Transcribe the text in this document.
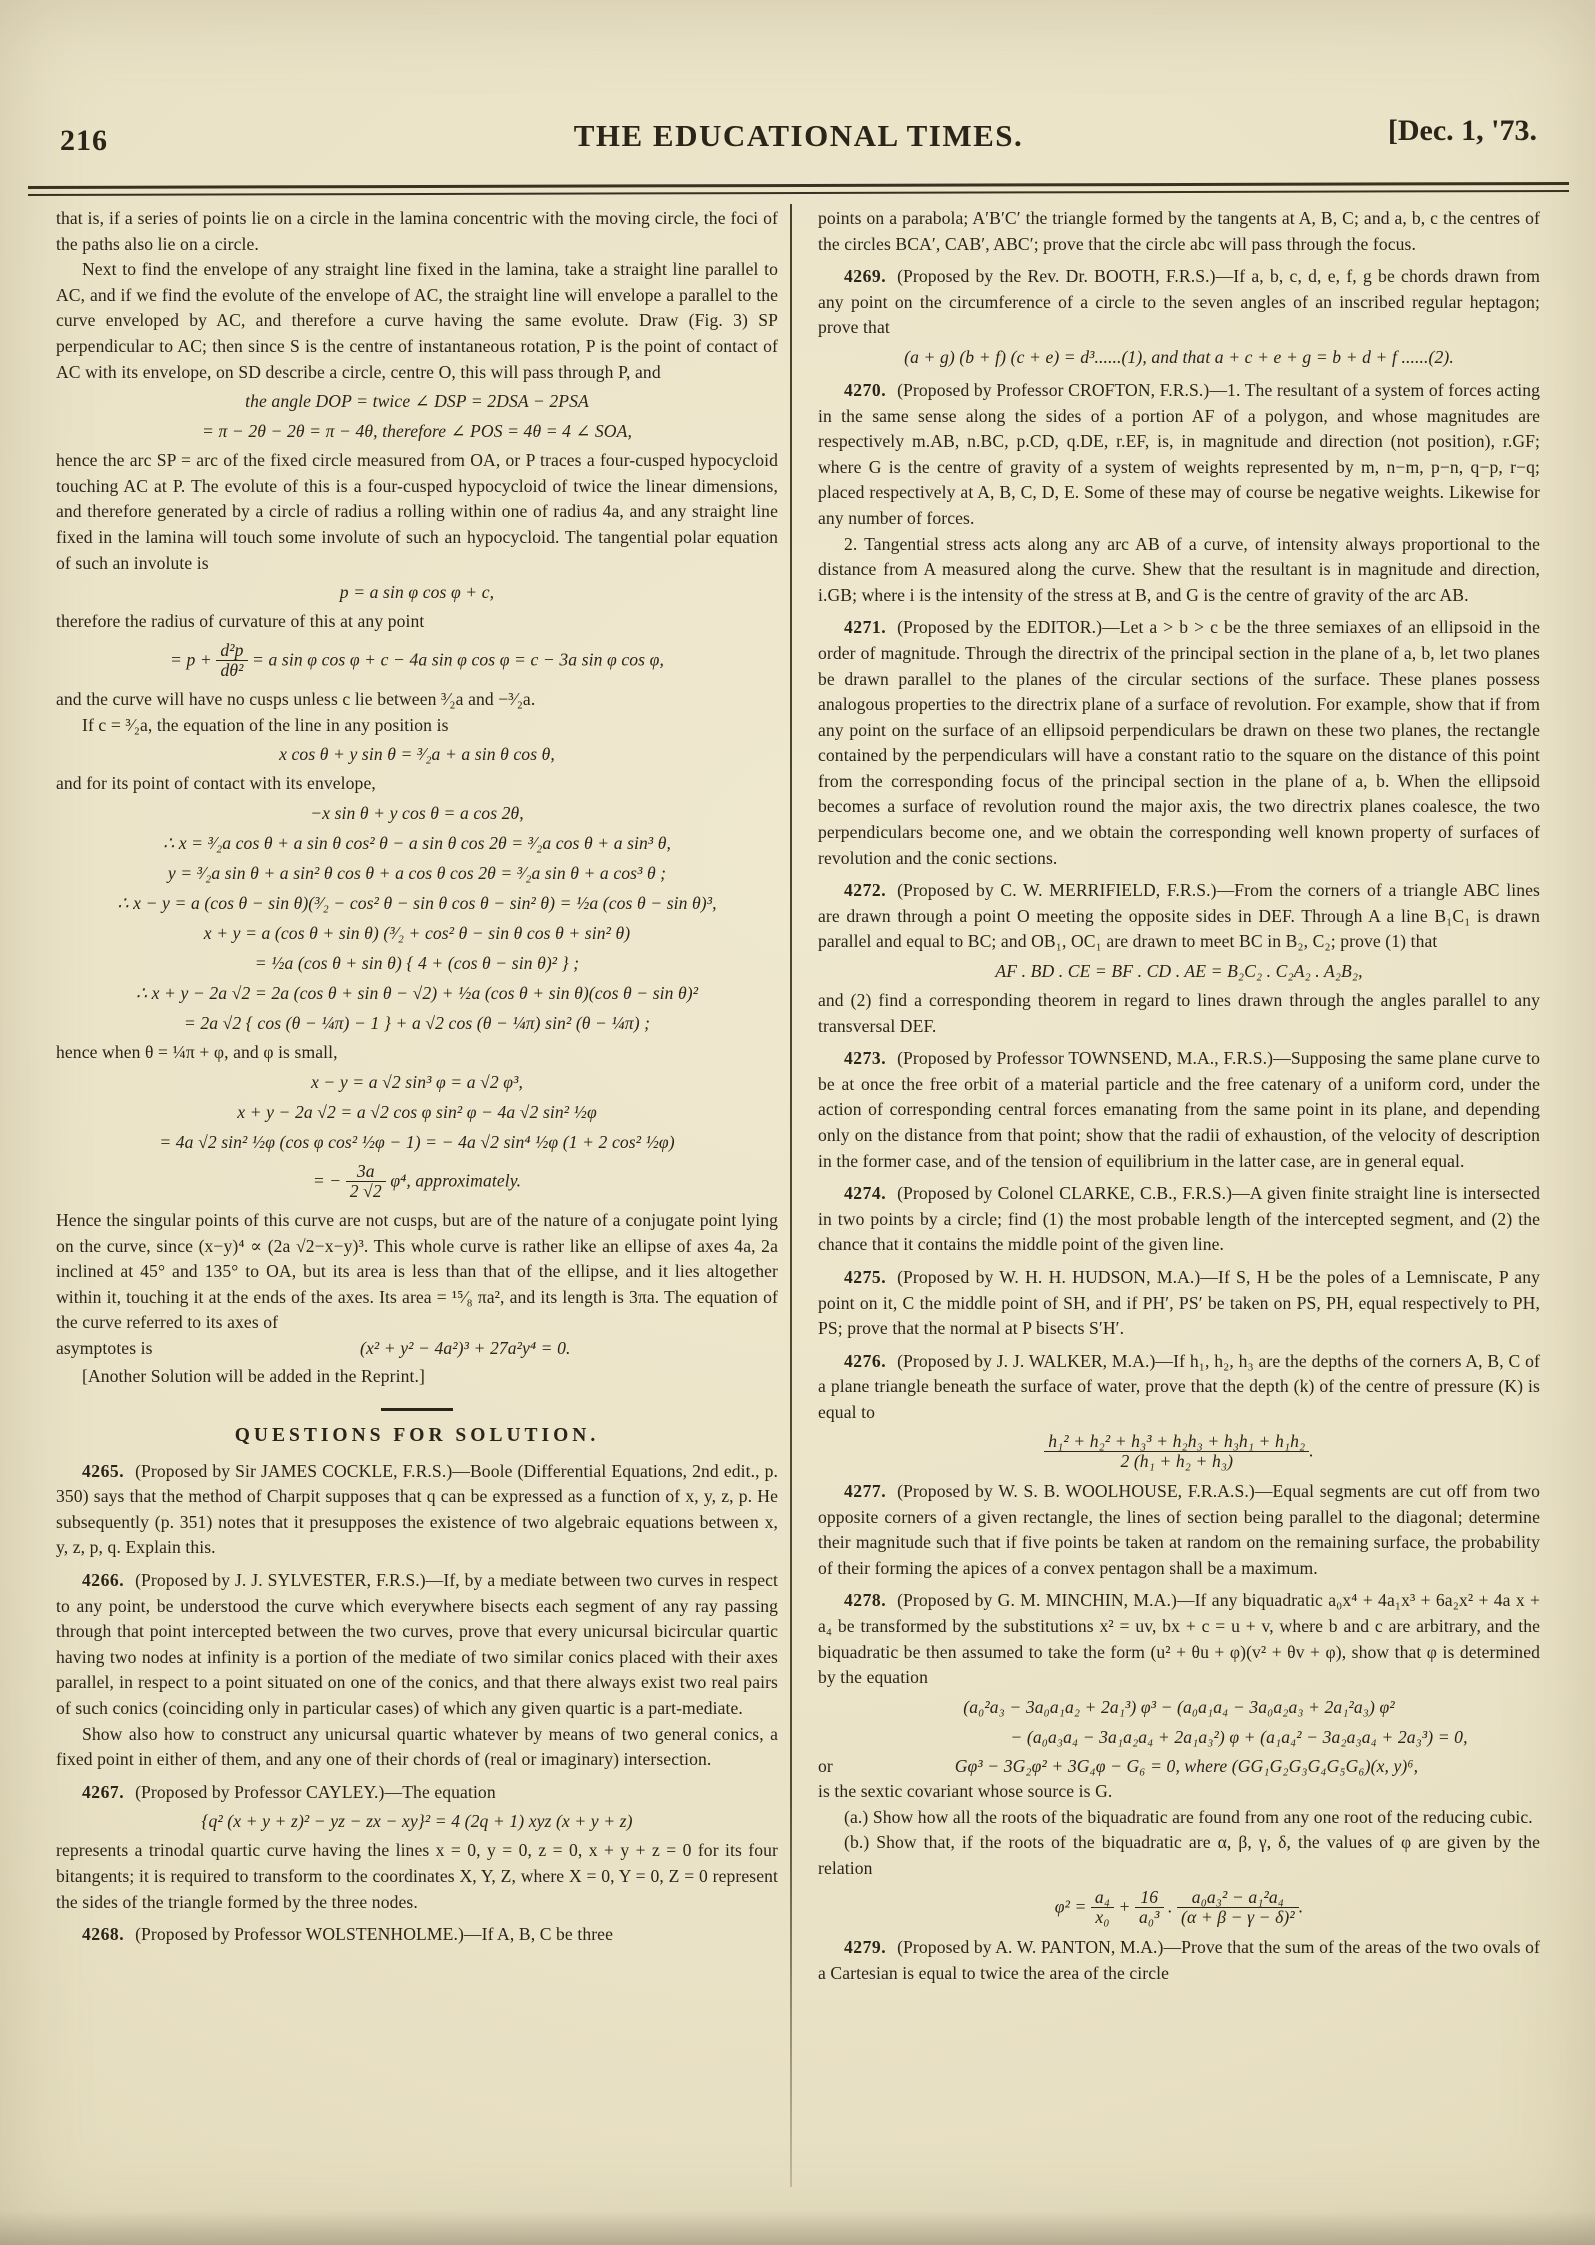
216	THE EDUCATIONAL TIMES.	[Dec. 1, '73.

that is, if a series of points lie on a circle in the lamina concentric with the moving circle, the foci of the paths also lie on a circle.

Next to find the envelope of any straight line fixed in the lamina, take a straight line parallel to AC, and if we find the evolute of the envelope of AC, the straight line will envelope a parallel to the curve enveloped by AC, and therefore a curve having the same evolute. Draw (Fig. 3) SP perpendicular to AC; then since S is the centre of instantaneous rotation, P is the point of contact of AC with its envelope, on SD describe a circle, centre O, this will pass through P, and

the angle DOP = twice ∠ DSP = 2DSA − 2PSA

= π − 2θ − 2θ = π − 4θ, therefore ∠ POS = 4θ = 4 ∠ SOA,

hence the arc SP = arc of the fixed circle measured from OA, or P traces a four-cusped hypocycloid touching AC at P. The evolute of this is a four-cusped hypocycloid of twice the linear dimensions, and therefore generated by a circle of radius a rolling within one of radius 4a, and any straight line fixed in the lamina will touch some involute of such an hypocycloid. The tangential polar equation of such an involute is

p = a sin φ cos φ + c,

therefore the radius of curvature of this at any point

= $p + \frac{\text{d²p}}{\text{dθ²}} = a$ sin φ cos φ + c − 4a sin φ cos φ = c − 3a sin φ cos φ,

and the curve will have no cusps unless c lie between ³⁄₂a and −³⁄₂a.

If c = ³⁄₂a, the equation of the line in any position is

x cos θ + y sin θ = ³⁄₂a + a sin θ cos θ,

and for its point of contact with its envelope,

−x sin θ + y cos θ = a cos 2θ,

∴ x = ³⁄₂a cos θ + a sin θ cos² θ − a sin θ cos 2θ = ³⁄₂a cos θ + a sin³ θ,

y = ³⁄₂a sin θ + a sin² θ cos θ + a cos θ cos 2θ = ³⁄₂a sin θ + a cos³ θ ;

∴ x − y = a (cos θ − sin θ)(³⁄₂ − cos² θ − sin θ cos θ − sin² θ) = ½a (cos θ − sin θ)³,

x + y = a (cos θ + sin θ) (³⁄₂ + cos² θ − sin θ cos θ + sin² θ)

= ½a (cos θ + sin θ) { 4 + (cos θ − sin θ)² } ;

∴ x + y − 2a √2 = 2a (cos θ + sin θ − √2) + ½a (cos θ + sin θ)(cos θ − sin θ)²

= 2a √2 { cos (θ − ¼π) − 1 } + a √2 cos (θ − ¼π) sin² (θ − ¼π) ;

hence when θ = ¼π + φ, and φ is small,

x − y = a √2 sin³ φ = a √2 φ³,

x + y − 2a √2 = a √2 cos φ sin² φ − 4a √2 sin² ½φ

= 4a √2 sin² ½φ (cos φ cos² ½φ − 1) = − 4a √2 sin⁴ ½φ (1 + 2 cos² ½φ)

= − $\frac{3a}{2 √2} \varphi^4$, approximately.

Hence the singular points of this curve are not cusps, but are of the nature of a conjugate point lying on the curve, since (x−y)⁴ ∝ (2a √2−x−y)³. This whole curve is rather like an ellipse of axes 4a, 2a inclined at 45° and 135° to OA, but its area is less than that of the ellipse, and it lies altogether within it, touching it at the ends of the axes. Its area = ¹⁵⁄₈ πa², and its length is 3πa. The equation of the curve referred to its axes of

asymptotes is	(x² + y² − 4a²)³ + 27a²y⁴ = 0.

[Another Solution will be added in the Reprint.]

QUESTIONS FOR SOLUTION.

4265. (Proposed by Sir JAMES COCKLE, F.R.S.)—Boole (Differential Equations, 2nd edit., p. 350) says that the method of Charpit supposes that q can be expressed as a function of x, y, z, p. He subsequently (p. 351) notes that it presupposes the existence of two algebraic equations between x, y, z, p, q. Explain this.

4266. (Proposed by J. J. SYLVESTER, F.R.S.)—If, by a mediate between two curves in respect to any point, be understood the curve which everywhere bisects each segment of any ray passing through that point intercepted between the two curves, prove that every unicursal bicircular quartic having two nodes at infinity is a portion of the mediate of two similar conics placed with their axes parallel, in respect to a point situated on one of the conics, and that there always exist two real pairs of such conics (coinciding only in particular cases) of which any given quartic is a part-mediate.

Show also how to construct any unicursal quartic whatever by means of two general conics, a fixed point in either of them, and any one of their chords of (real or imaginary) intersection.

4267. (Proposed by Professor CAYLEY.)—The equation

{q² (x + y + z)² − yz − zx − xy}² = 4 (2q + 1) xyz (x + y + z)

represents a trinodal quartic curve having the lines x = 0, y = 0, z = 0, x + y + z = 0 for its four bitangents; it is required to transform to the coordinates X, Y, Z, where X = 0, Y = 0, Z = 0 represent the sides of the triangle formed by the three nodes.

4268. (Proposed by Professor WOLSTENHOLME.)—If A, B, C be three

points on a parabola; A′B′C′ the triangle formed by the tangents at A, B, C; and a, b, c the centres of the circles BCA′, CAB′, ABC′; prove that the circle abc will pass through the focus.

4269. (Proposed by the Rev. Dr. BOOTH, F.R.S.)—If a, b, c, d, e, f, g be chords drawn from any point on the circumference of a circle to the seven angles of an inscribed regular heptagon; prove that

(a + g) (b + f) (c + e) = d³......(1), and that a + c + e + g = b + d + f ......(2).

4270. (Proposed by Professor CROFTON, F.R.S.)—1. The resultant of a system of forces acting in the same sense along the sides of a portion AF of a polygon, and whose magnitudes are respectively m.AB, n.BC, p.CD, q.DE, r.EF, is, in magnitude and direction (not position), r.GF; where G is the centre of gravity of a system of weights represented by m, n−m, p−n, q−p, r−q; placed respectively at A, B, C, D, E. Some of these may of course be negative weights. Likewise for any number of forces.

2. Tangential stress acts along any arc AB of a curve, of intensity always proportional to the distance from A measured along the curve. Shew that the resultant is in magnitude and direction, i.GB; where i is the intensity of the stress at B, and G is the centre of gravity of the arc AB.

4271. (Proposed by the EDITOR.)—Let a > b > c be the three semiaxes of an ellipsoid in the order of magnitude. Through the directrix of the principal section in the plane of a, b, let two planes be drawn parallel to the planes of the circular sections of the surface. These planes possess analogous properties to the directrix plane of a surface of revolution. For example, show that if from any point on the surface of an ellipsoid perpendiculars be drawn on these two planes, the rectangle contained by the perpendiculars will have a constant ratio to the square on the distance of this point from the corresponding focus of the principal section in the plane of a, b. When the ellipsoid becomes a surface of revolution round the major axis, the two directrix planes coalesce, the two perpendiculars become one, and we obtain the corresponding well known property of surfaces of revolution and the conic sections.

4272. (Proposed by C. W. MERRIFIELD, F.R.S.)—From the corners of a triangle ABC lines are drawn through a point O meeting the opposite sides in DEF. Through A a line B₁C₁ is drawn parallel and equal to BC; and OB₁, OC₁ are drawn to meet BC in B₂, C₂; prove (1) that

AF . BD . CE = BF . CD . AE = B₂C₂ . C₂A₂ . A₂B₂,

and (2) find a corresponding theorem in regard to lines drawn through the angles parallel to any transversal DEF.

4273. (Proposed by Professor TOWNSEND, M.A., F.R.S.)—Supposing the same plane curve to be at once the free orbit of a material particle and the free catenary of a uniform cord, under the action of corresponding central forces emanating from the same point in its plane, and depending only on the distance from that point; show that the radii of exhaustion, of the velocity of description in the former case, and of the tension of equilibrium in the latter case, are in general equal.

4274. (Proposed by Colonel CLARKE, C.B., F.R.S.)—A given finite straight line is intersected in two points by a circle; find (1) the most probable length of the intercepted segment, and (2) the chance that it contains the middle point of the given line.

4275. (Proposed by W. H. H. HUDSON, M.A.)—If S, H be the poles of a Lemniscate, P any point on it, C the middle point of SH, and if PH′, PS′ be taken on PS, PH, equal respectively to PH, PS; prove that the normal at P bisects S′H′.

4276. (Proposed by J. J. WALKER, M.A.)—If h₁, h₂, h₃ are the depths of the corners A, B, C of a plane triangle beneath the surface of water, prove that the depth (k) of the centre of pressure (K) is equal to

$\frac{\text{h₁² + h₂² + h₃³ + h₂h₃ + h₃h₁ + h₁h₂}}{\text{2 (h₁ + h₂ + h₃)}}$ .

4277. (Proposed by W. S. B. WOOLHOUSE, F.R.A.S.)—Equal segments are cut off from two opposite corners of a given rectangle, the lines of section being parallel to the diagonal; determine their magnitude such that if five points be taken at random on the remaining surface, the probability of their forming the apices of a convex pentagon shall be a maximum.

4278. (Proposed by G. M. MINCHIN, M.A.)—If any biquadratic a₀x⁴ + 4a₁x³ + 6a₂x² + 4a x + a₄ be transformed by the substitutions x² = uv, bx + c = u + v, where b and c are arbitrary, and the biquadratic be then assumed to take the form (u² + θu + φ)(v² + θv + φ), show that φ is determined by the equation

(a₀²a₃ − 3a₀a₁a₂ + 2a₁³) φ³ − (a₀a₁a₄ − 3a₀a₂a₃ + 2a₁²a₃) φ²

− (a₀a₃a₄ − 3a₁a₂a₄ + 2a₁a₃²) φ + (a₁a₄² − 3a₂a₃a₄ + 2a₃³) = 0,

or	Gφ³ − 3G₂φ² + 3G₄φ − G₆ = 0, where (GG₁G₂G₃G₄G₅G₆)(x, y)⁶,

is the sextic covariant whose source is G.

(a.) Show how all the roots of the biquadratic are found from any one root of the reducing cubic.

(b.) Show that, if the roots of the biquadratic are α, β, γ, δ, the values of φ are given by the relation

$\varphi^2 = \frac{\text{a₄}}{\text{x₀}} + \frac{16}{\text{a₀³}}$ . $\frac{\text{a₀a₃² − a₁²a₄}}{\text{(α + β − γ − δ)²}}$ .

4279. (Proposed by A. W. PANTON, M.A.)—Prove that the sum of the areas of the two ovals of a Cartesian is equal to twice the area of the circle
